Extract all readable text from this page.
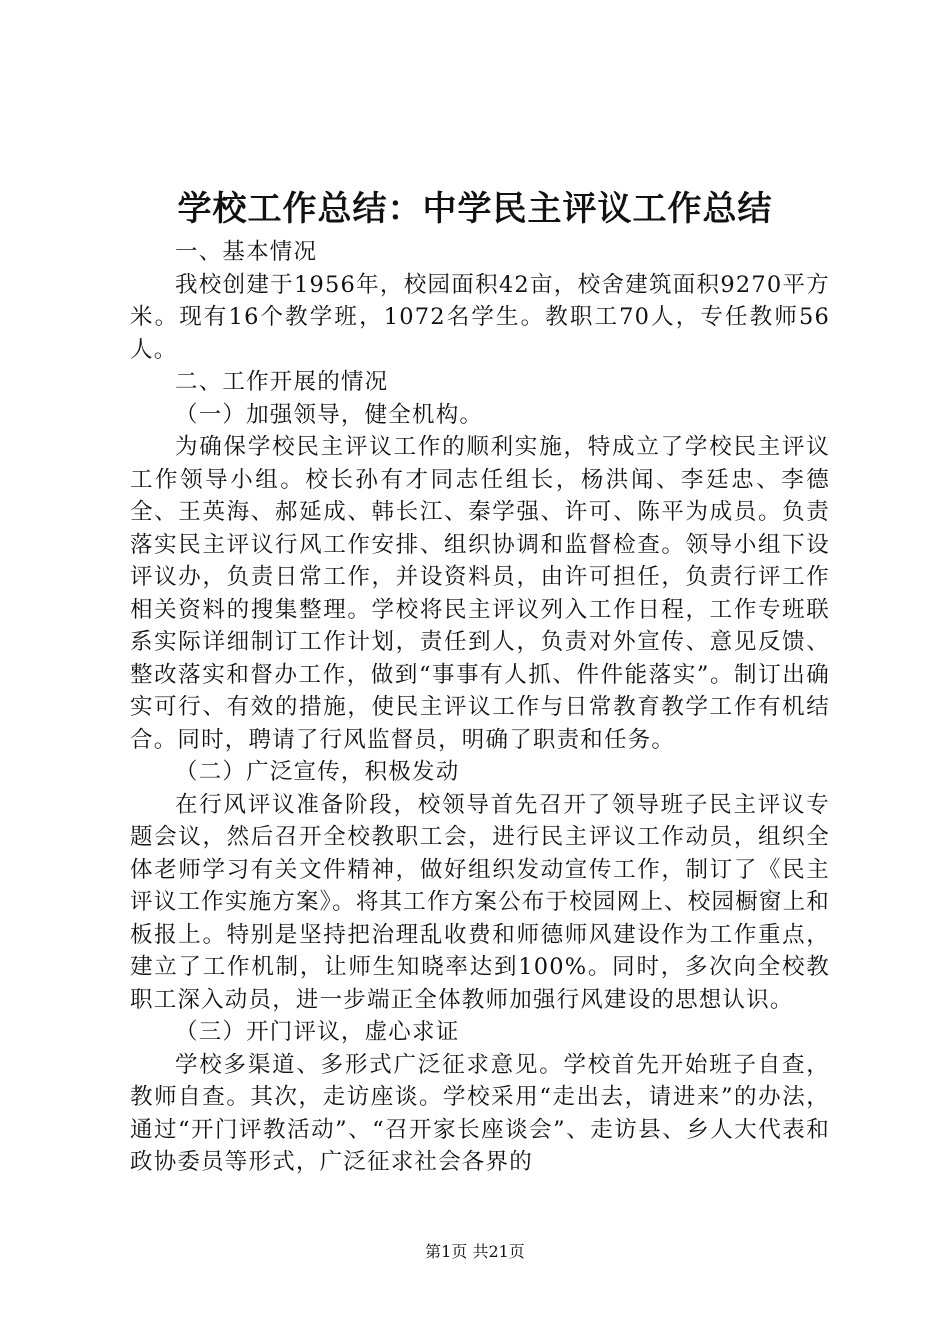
学校工作总结：中学民主评议工作总结

一、基本情况

我校创建于1956年，校园面积42亩，校舍建筑面积9270平方米。现有16个教学班，1072名学生。教职工70人，专任教师56人。

二、工作开展的情况

（一）加强领导，健全机构。

为确保学校民主评议工作的顺利实施，特成立了学校民主评议工作领导小组。校长孙有才同志任组长，杨洪闻、李廷忠、李德全、王英海、郝延成、韩长江、秦学强、许可、陈平为成员。负责落实民主评议行风工作安排、组织协调和监督检查。领导小组下设评议办，负责日常工作，并设资料员，由许可担任，负责行评工作相关资料的搜集整理。学校将民主评议列入工作日程，工作专班联系实际详细制订工作计划，责任到人，负责对外宣传、意见反馈、整改落实和督办工作，做到“事事有人抓、件件能落实”。制订出确实可行、有效的措施，使民主评议工作与日常教育教学工作有机结合。同时，聘请了行风监督员，明确了职责和任务。

（二）广泛宣传，积极发动

在行风评议准备阶段，校领导首先召开了领导班子民主评议专题会议，然后召开全校教职工会，进行民主评议工作动员，组织全体老师学习有关文件精神，做好组织发动宣传工作，制订了《民主评议工作实施方案》。将其工作方案公布于校园网上、校园橱窗上和板报上。特别是坚持把治理乱收费和师德师风建设作为工作重点，建立了工作机制，让师生知晓率达到100%。同时，多次向全校教职工深入动员，进一步端正全体教师加强行风建设的思想认识。

（三）开门评议，虚心求证

学校多渠道、多形式广泛征求意见。学校首先开始班子自查，教师自查。其次，走访座谈。学校采用“走出去，请进来”的办法，通过“开门评教活动”、“召开家长座谈会”、走访县、乡人大代表和政协委员等形式，广泛征求社会各界的

第1页 共21页
